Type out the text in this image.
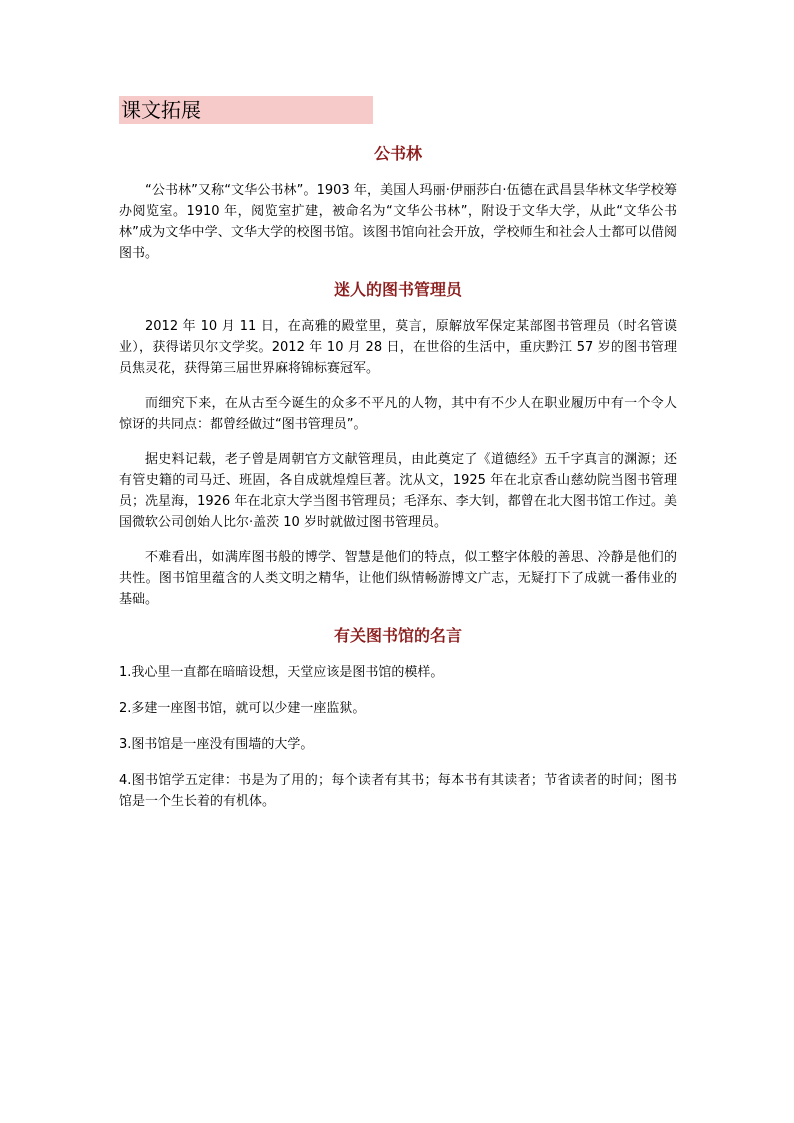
课文拓展
公书林

“公书林”又称“文华公书林”。1903 年，美国人玛丽·伊丽莎白·伍德在武昌昙华林文华学校筹办阅览室。1910 年，阅览室扩建，被命名为“文华公书林”，附设于文华大学，从此“文华公书林”成为文华中学、文华大学的校图书馆。该图书馆向社会开放，学校师生和社会人士都可以借阅图书。

迷人的图书管理员

2012 年 10 月 11 日，在高雅的殿堂里，莫言，原解放军保定某部图书管理员（时名管谟业），获得诺贝尔文学奖。2012 年 10 月 28 日，在世俗的生活中，重庆黔江 57 岁的图书管理员焦灵花，获得第三届世界麻将锦标赛冠军。

而细究下来，在从古至今诞生的众多不平凡的人物，其中有不少人在职业履历中有一个令人惊讶的共同点：都曾经做过“图书管理员”。

据史料记载，老子曾是周朝官方文献管理员，由此奠定了《道德经》五千字真言的渊源；还有管史籍的司马迁、班固，各自成就煌煌巨著。沈从文，1925 年在北京香山慈幼院当图书管理员；冼星海，1926 年在北京大学当图书管理员；毛泽东、李大钊，都曾在北大图书馆工作过。美国微软公司创始人比尔·盖茨 10 岁时就做过图书管理员。

不难看出，如满库图书般的博学、智慧是他们的特点，似工整字体般的善思、冷静是他们的共性。图书馆里蕴含的人类文明之精华，让他们纵情畅游博文广志，无疑打下了成就一番伟业的基础。

有关图书馆的名言

1.我心里一直都在暗暗设想，天堂应该是图书馆的模样。

2.多建一座图书馆，就可以少建一座监狱。

3.图书馆是一座没有围墙的大学。

4.图书馆学五定律：书是为了用的；每个读者有其书；每本书有其读者；节省读者的时间；图书馆是一个生长着的有机体。
